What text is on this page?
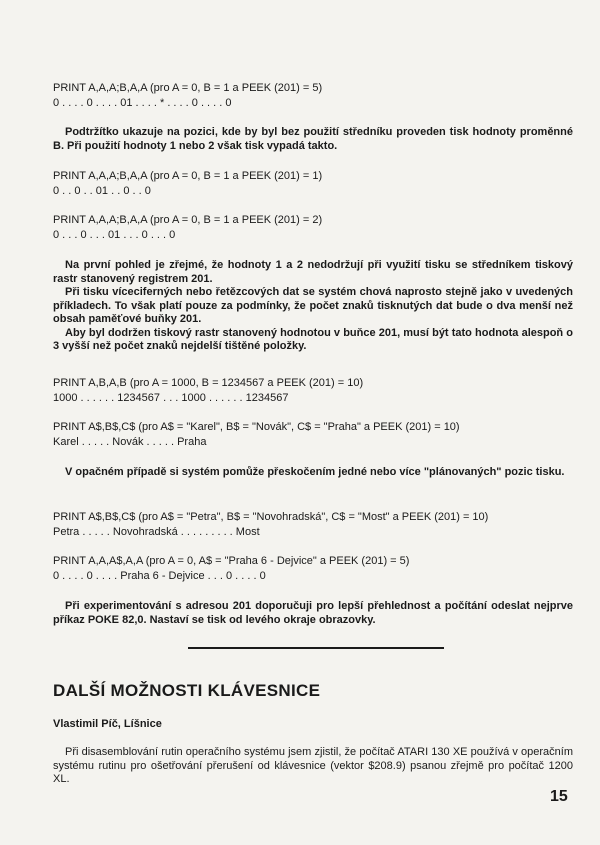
PRINT A,A,A;B,A,A (pro A = 0, B = 1 a PEEK (201) = 5)
0 . . . . 0 . . . . 01 . . . . * . . . . 0 . . . . 0

Podtržítko ukazuje na pozici, kde by byl bez použití středníku proveden tisk hodnoty proměnné B. Při použití hodnoty 1 nebo 2 však tisk vypadá takto.

PRINT A,A,A;B,A,A (pro A = 0, B = 1 a PEEK (201) = 1)
0 . . 0 . . 01 . . 0 . . 0
PRINT A,A,A;B,A,A (pro A = 0, B = 1 a PEEK (201) = 2)
0 . . . 0 . . . 01 . . . 0 . . . 0

Na první pohled je zřejmé, že hodnoty 1 a 2 nedodržují při využití tisku se středníkem tiskový rastr stanovený registrem 201.

Při tisku víceciferných nebo řetězcových dat se systém chová naprosto stejně jako v uvedených příkladech. To však platí pouze za podmínky, že počet znaků tisknutých dat bude o dva menší než obsah paměťové buňky 201.

Aby byl dodržen tiskový rastr stanovený hodnotou v buňce 201, musí být tato hodnota alespoň o 3 vyšší než počet znaků nejdelší tištěné položky.

PRINT A,B,A,B (pro A = 1000, B = 1234567 a PEEK (201) = 10)
1000 . . . . . . 1234567 . . . 1000 . . . . . . 1234567
PRINT A$,B$,C$ (pro A$ = "Karel", B$ = "Novák", C$ = "Praha" a PEEK (201) = 10)
Karel . . . . . Novák . . . . . Praha

V opačném případě si systém pomůže přeskočením jedné nebo více "plánovaných" pozic tisku.

PRINT A$,B$,C$ (pro A$ = "Petra", B$ = "Novohradská", C$ = "Most" a PEEK (201) = 10)
Petra . . . . . Novohradská . . . . . . . . . Most
PRINT A,A,A$,A,A (pro A = 0, A$ = "Praha 6 - Dejvice" a PEEK (201) = 5)
0 . . . . 0 . . . . Praha 6 - Dejvice . . . 0 . . . . 0

Při experimentování s adresou 201 doporučuji pro lepší přehlednost a počítání odeslat nejprve příkaz POKE 82,0. Nastaví se tisk od levého okraje obrazovky.

DALŠÍ MOŽNOSTI KLÁVESNICE
Vlastimil Píč, Líšnice

Při disasemblování rutin operačního systému jsem zjistil, že počítač ATARI 130 XE používá v operačním systému rutinu pro ošetřování přerušení od klávesnice (vektor $208.9) psanou zřejmě pro počítač 1200 XL.

15
